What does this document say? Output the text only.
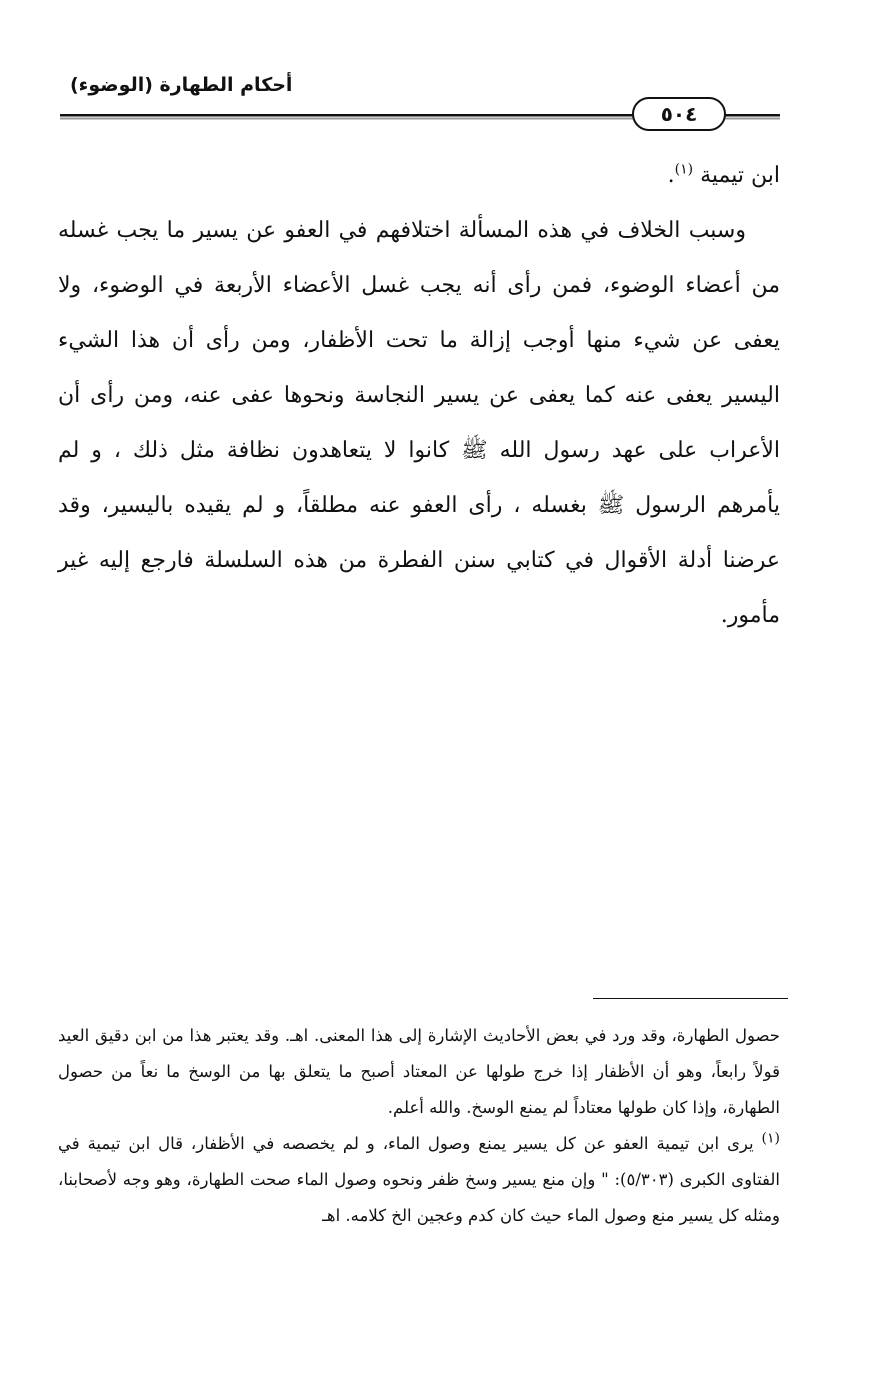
أحكام الطهارة (الوضوء)
٥٠٤

ابن تيمية $^{(١)}$.

وسبب الخلاف في هذه المسألة اختلافهم في العفو عن يسير ما يجب غسله من أعضاء الوضوء، فمن رأى أنه يجب غسل الأعضاء الأربعة في الوضوء، ولا يعفى عن شيء منها أوجب إزالة ما تحت الأظفار، ومن رأى أن هذا الشيء اليسير يعفى عنه كما يعفى عن يسير النجاسة ونحوها عفى عنه، ومن رأى أن الأعراب على عهد رسول الله ﷺ كانوا لا يتعاهدون نظافة مثل ذلك ، و لم يأمرهم الرسول ﷺ بغسله ، رأى العفو عنه مطلقاً، و لم يقيده باليسير، وقد عرضنا أدلة الأقوال في كتابي سنن الفطرة من هذه السلسلة فارجع إليه غير مأمور.

حصول الطهارة، وقد ورد في بعض الأحاديث الإشارة إلى هذا المعنى. اهـ. وقد يعتبر هذا من ابن دقيق العيد قولاً رابعاً، وهو أن الأظفار إذا خرج طولها عن المعتاد أصبح ما يتعلق بها من الوسخ ما نعاً من حصول الطهارة، وإذا كان طولها معتاداً لم يمنع الوسخ. والله أعلم.

$^{(١)}$ يرى ابن تيمية العفو عن كل يسير يمنع وصول الماء، و لم يخصصه في الأظفار، قال ابن تيمية في الفتاوى الكبرى (٥/٣٠٣): " وإن منع يسير وسخ ظفر ونحوه وصول الماء صحت الطهارة، وهو وجه لأصحابنا، ومثله كل يسير منع وصول الماء حيث كان كدم وعجين الخ كلامه. اهـ
